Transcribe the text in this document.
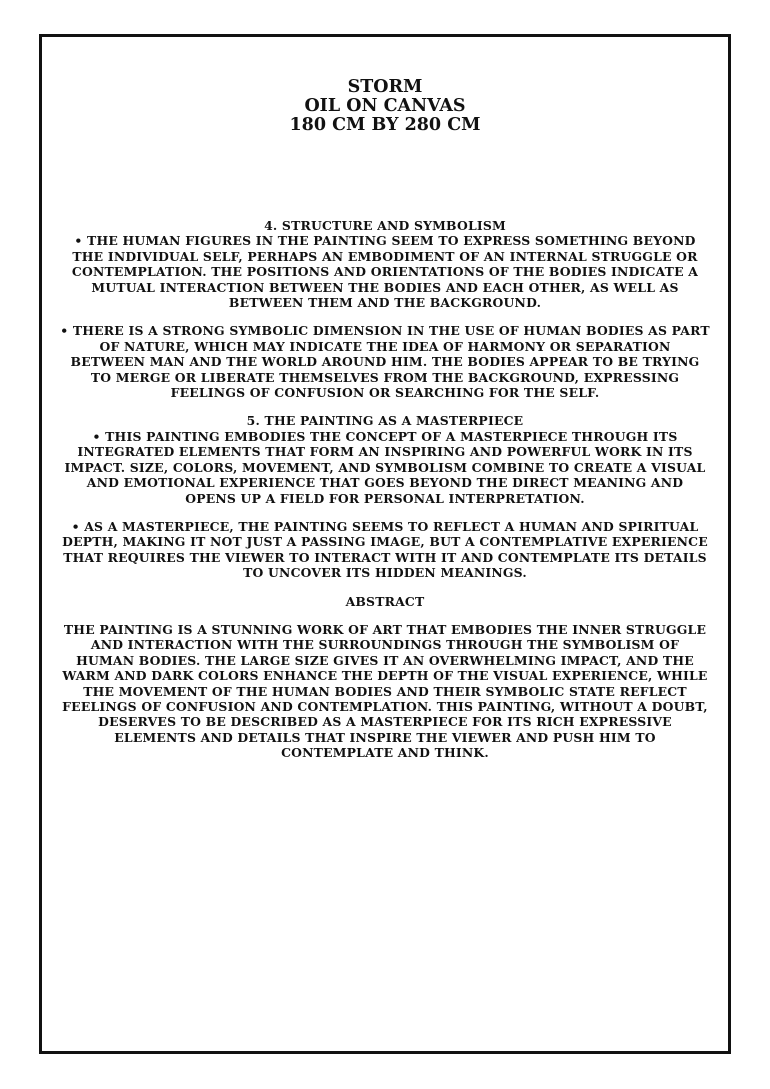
STORM
OIL ON CANVAS
180 CM BY 280 CM
4. STRUCTURE AND SYMBOLISM
• THE HUMAN FIGURES IN THE PAINTING SEEM TO EXPRESS SOMETHING BEYOND THE INDIVIDUAL SELF, PERHAPS AN EMBODIMENT OF AN INTERNAL STRUGGLE OR CONTEMPLATION. THE POSITIONS AND ORIENTATIONS OF THE BODIES INDICATE A MUTUAL INTERACTION BETWEEN THE BODIES AND EACH OTHER, AS WELL AS BETWEEN THEM AND THE BACKGROUND.
• THERE IS A STRONG SYMBOLIC DIMENSION IN THE USE OF HUMAN BODIES AS PART OF NATURE, WHICH MAY INDICATE THE IDEA OF HARMONY OR SEPARATION BETWEEN MAN AND THE WORLD AROUND HIM. THE BODIES APPEAR TO BE TRYING TO MERGE OR LIBERATE THEMSELVES FROM THE BACKGROUND, EXPRESSING FEELINGS OF CONFUSION OR SEARCHING FOR THE SELF.
5. THE PAINTING AS A MASTERPIECE
• THIS PAINTING EMBODIES THE CONCEPT OF A MASTERPIECE THROUGH ITS INTEGRATED ELEMENTS THAT FORM AN INSPIRING AND POWERFUL WORK IN ITS IMPACT. SIZE, COLORS, MOVEMENT, AND SYMBOLISM COMBINE TO CREATE A VISUAL AND EMOTIONAL EXPERIENCE THAT GOES BEYOND THE DIRECT MEANING AND OPENS UP A FIELD FOR PERSONAL INTERPRETATION.
• AS A MASTERPIECE, THE PAINTING SEEMS TO REFLECT A HUMAN AND SPIRITUAL DEPTH, MAKING IT NOT JUST A PASSING IMAGE, BUT A CONTEMPLATIVE EXPERIENCE THAT REQUIRES THE VIEWER TO INTERACT WITH IT AND CONTEMPLATE ITS DETAILS TO UNCOVER ITS HIDDEN MEANINGS.
ABSTRACT
THE PAINTING IS A STUNNING WORK OF ART THAT EMBODIES THE INNER STRUGGLE AND INTERACTION WITH THE SURROUNDINGS THROUGH THE SYMBOLISM OF HUMAN BODIES. THE LARGE SIZE GIVES IT AN OVERWHELMING IMPACT, AND THE WARM AND DARK COLORS ENHANCE THE DEPTH OF THE VISUAL EXPERIENCE, WHILE THE MOVEMENT OF THE HUMAN BODIES AND THEIR SYMBOLIC STATE REFLECT FEELINGS OF CONFUSION AND CONTEMPLATION. THIS PAINTING, WITHOUT A DOUBT, DESERVES TO BE DESCRIBED AS A MASTERPIECE FOR ITS RICH EXPRESSIVE ELEMENTS AND DETAILS THAT INSPIRE THE VIEWER AND PUSH HIM TO CONTEMPLATE AND THINK.
